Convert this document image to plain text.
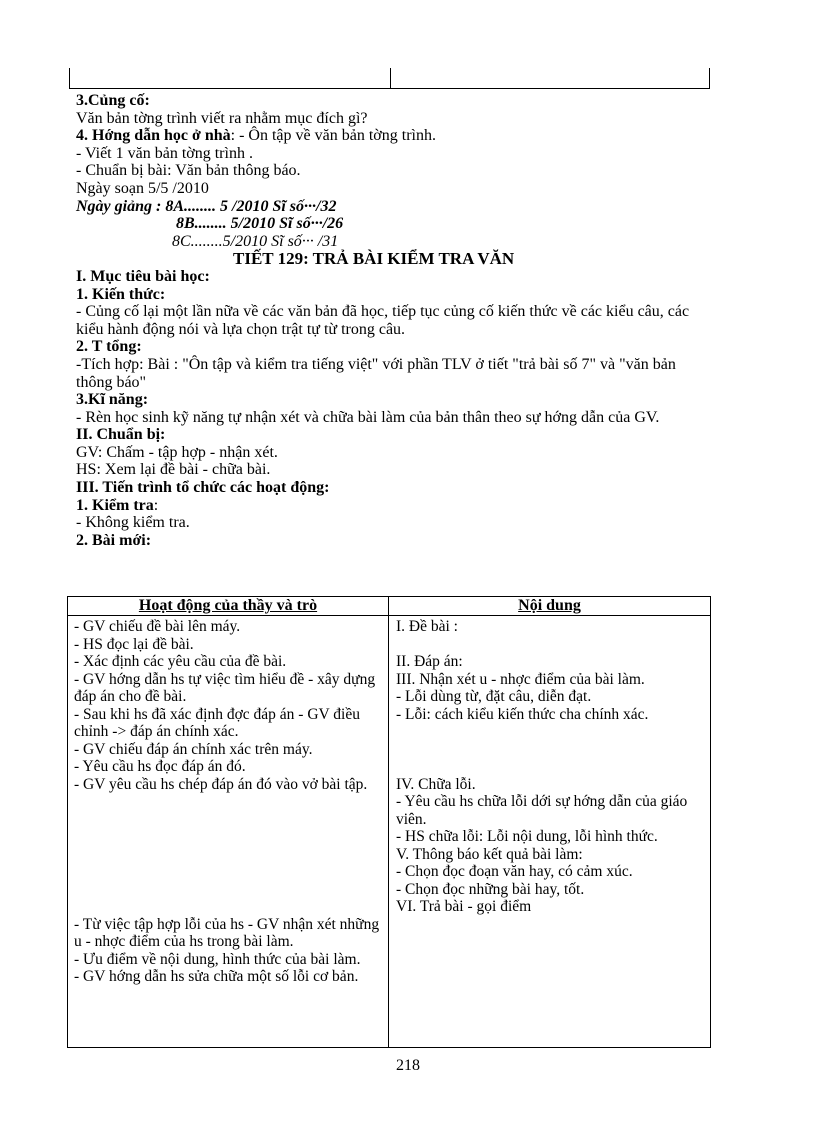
3.Củng cố:

Văn bản tờng trình viết ra nhằm mục đích gì?

4. Hớng dẫn học ở nhà: - Ôn tập về văn bản tờng trình.

- Viết 1 văn bản tờng trình .

- Chuẩn bị bài: Văn bản thông báo.

Ngày soạn 5/5 /2010

Ngày giảng : 8A........ 5 /2010 Sĩ số···/32

8B........ 5/2010 Sĩ số···/26

8C........5/2010 Sĩ số··· /31

TIẾT 129: TRẢ BÀI KIỂM TRA VĂN

I. Mục tiêu bài học:

1. Kiến thức:

- Củng cố lại một lần nữa về các văn bản đã học, tiếp tục củng cố kiến thức về các kiểu câu, các kiểu hành động nói và lựa chọn trật tự từ trong câu.

2. T tổng:

-Tích hợp: Bài : "Ôn tập và kiểm tra tiếng việt" với phần TLV ở tiết "trả bài số 7" và "văn bản thông báo"

3.Kĩ năng:

- Rèn học sinh kỹ năng tự nhận xét và chữa bài làm của bản thân theo sự hớng dẫn của GV.

II. Chuẩn bị:

GV: Chấm - tập hợp - nhận xét.

HS: Xem lại đề bài - chữa bài.

III. Tiến trình tổ chức các hoạt động:

1. Kiểm tra:

- Không kiểm tra.

2. Bài mới:

Hoạt động của thầy và trò	Nội dung

- GV chiếu đề bài lên máy.

- HS đọc lại đề bài.

- Xác định các yêu cầu của đề bài.

- GV hớng dẫn hs tự việc tìm hiểu đề - xây dựng đáp án cho đề bài.

- Sau khi hs đã xác định đợc đáp án - GV điều chỉnh -> đáp án chính xác.

- GV chiếu đáp án chính xác trên máy.

- Yêu cầu hs đọc đáp án đó.

- GV yêu cầu hs chép đáp án đó vào vở bài tập.

- Từ việc tập hợp lỗi của hs - GV nhận xét những u - nhợc điểm của hs trong bài làm.

- Ưu điểm về nội dung, hình thức của bài làm.

- GV hớng dẫn hs sửa chữa một số lỗi cơ bản.

I. Đề bài :

II. Đáp án:

III. Nhận xét u - nhợc điểm của bài làm.

- Lỗi dùng từ, đặt câu, diễn đạt.

- Lỗi: cách kiểu kiến thức cha chính xác.

IV. Chữa lỗi.

- Yêu cầu hs chữa lỗi dới sự hớng dẫn của giáo viên.

- HS chữa lỗi: Lỗi nội dung, lỗi hình thức.

V. Thông báo kết quả bài làm:

- Chọn đọc đoạn văn hay, có cảm xúc.

- Chọn đọc những bài hay, tốt.

VI. Trả bài - gọi điểm

218
